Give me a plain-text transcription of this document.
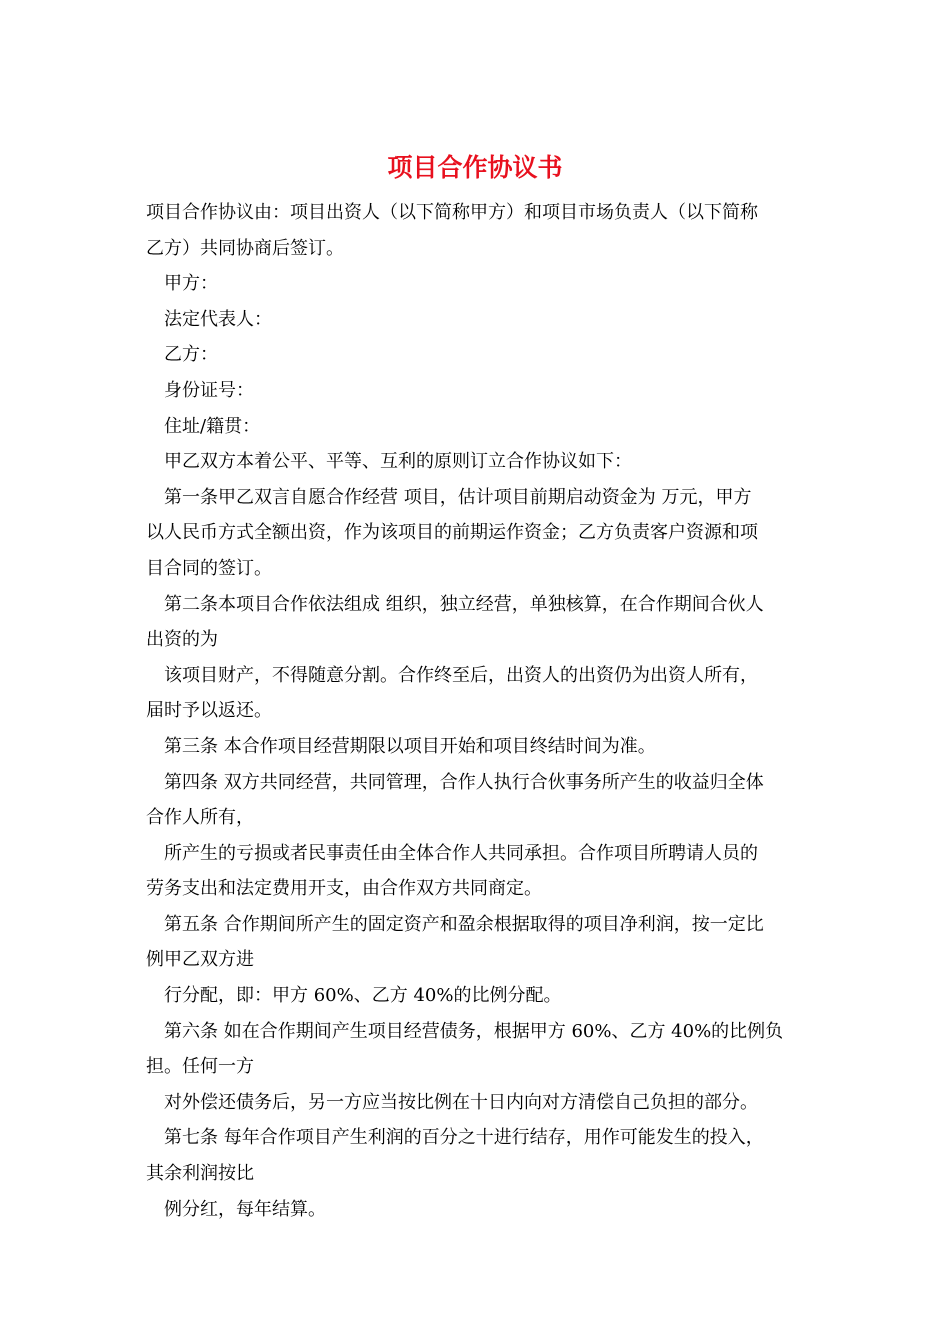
项目合作协议书
项目合作协议由：项目出资人（以下简称甲方）和项目市场负责人（以下简称
乙方）共同协商后签订。
甲方：
法定代表人：
乙方：
身份证号：
住址/籍贯：
甲乙双方本着公平、平等、互利的原则订立合作协议如下：
第一条甲乙双言自愿合作经营 项目，估计项目前期启动资金为 万元，甲方
以人民币方式全额出资，作为该项目的前期运作资金；乙方负责客户资源和项
目合同的签订。
第二条本项目合作依法组成 组织，独立经营，单独核算，在合作期间合伙人
出资的为
该项目财产，不得随意分割。合作终至后，出资人的出资仍为出资人所有，
届时予以返还。
第三条 本合作项目经营期限以项目开始和项目终结时间为准。
第四条 双方共同经营，共同管理，合作人执行合伙事务所产生的收益归全体
合作人所有，
所产生的亏损或者民事责任由全体合作人共同承担。合作项目所聘请人员的
劳务支出和法定费用开支，由合作双方共同商定。
第五条 合作期间所产生的固定资产和盈余根据取得的项目净利润，按一定比
例甲乙双方进
行分配，即：甲方 60%、乙方 40%的比例分配。
第六条 如在合作期间产生项目经营债务，根据甲方 60%、乙方 40%的比例负
担。任何一方
对外偿还债务后，另一方应当按比例在十日内向对方清偿自己负担的部分。
第七条 每年合作项目产生利润的百分之十进行结存，用作可能发生的投入，
其余利润按比
例分红，每年结算。
